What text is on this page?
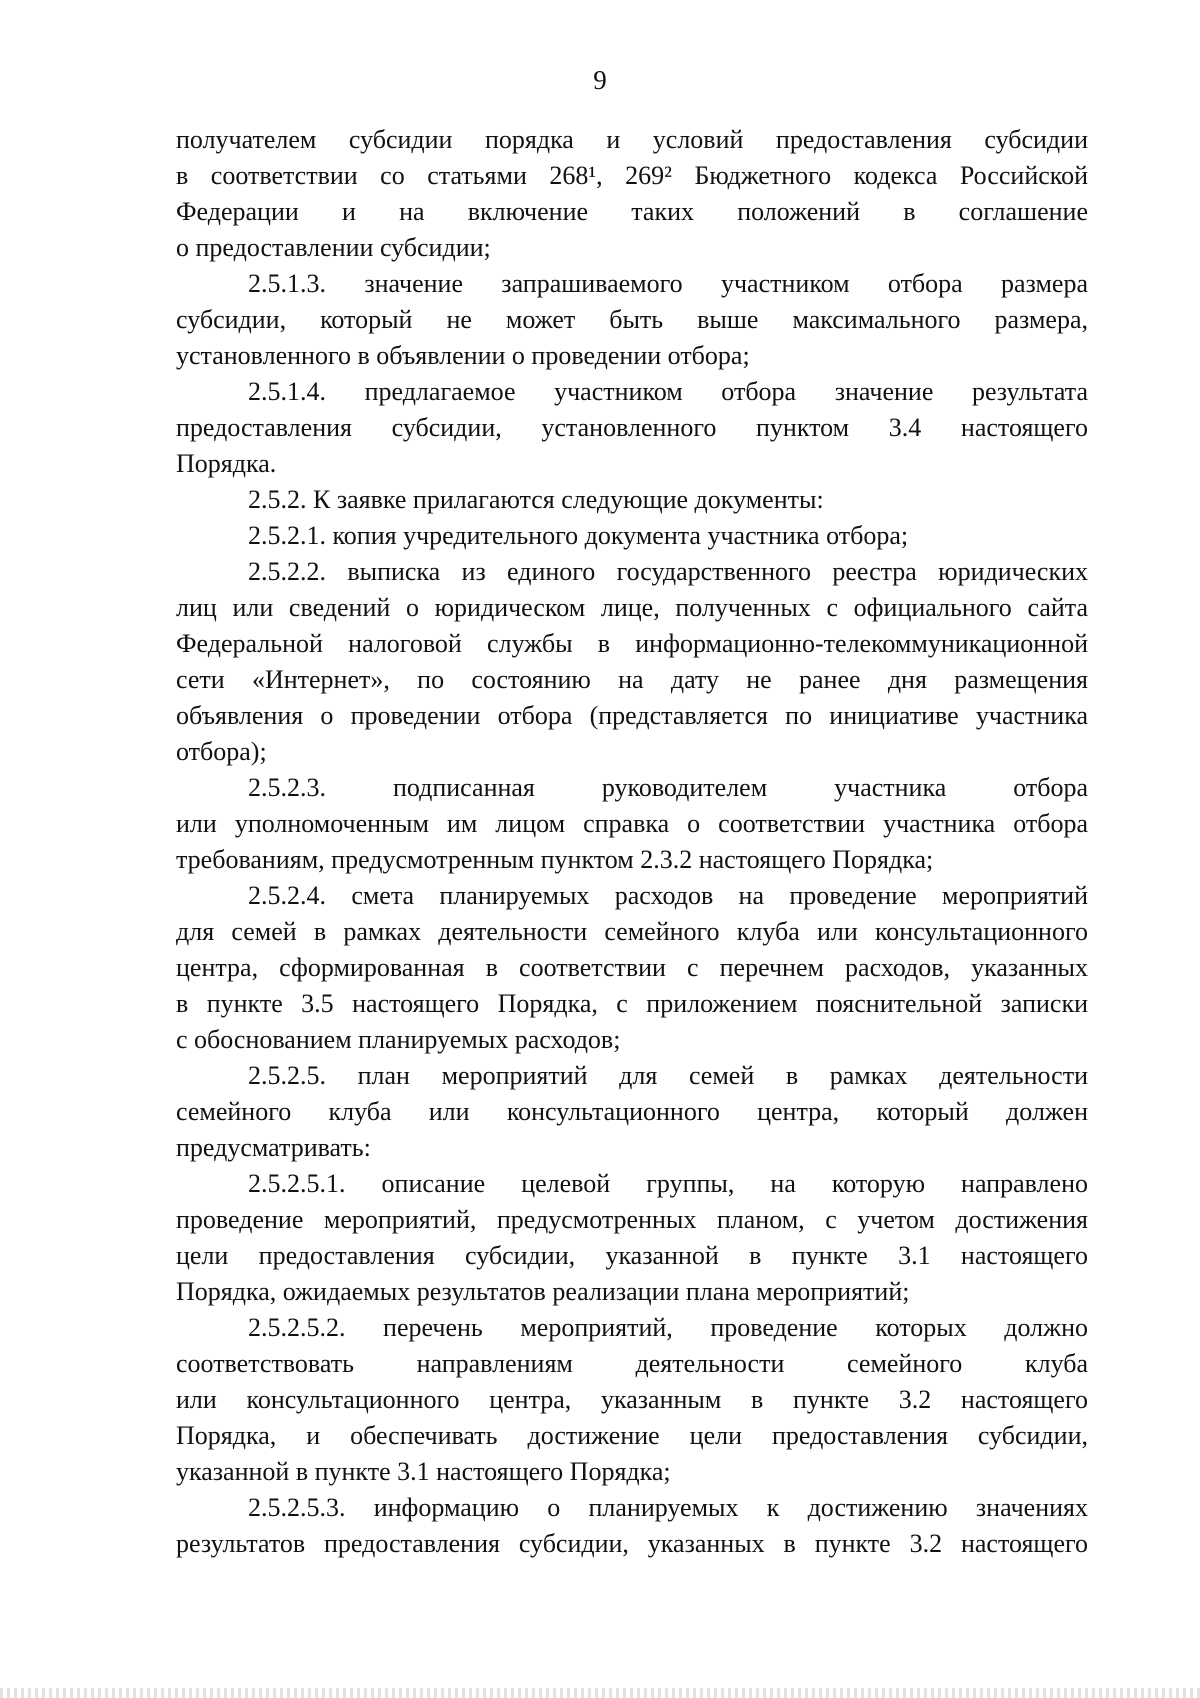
9
получателем субсидии порядка и условий предоставления субсидии
в соответствии со статьями 268¹, 269² Бюджетного кодекса Российской
Федерации и на включение таких положений в соглашение
о предоставлении субсидии;
2.5.1.3. значение запрашиваемого участником отбора размера
субсидии, который не может быть выше максимального размера,
установленного в объявлении о проведении отбора;
2.5.1.4. предлагаемое участником отбора значение результата
предоставления субсидии, установленного пунктом 3.4 настоящего
Порядка.
2.5.2. К заявке прилагаются следующие документы:
2.5.2.1. копия учредительного документа участника отбора;
2.5.2.2. выписка из единого государственного реестра юридических
лиц или сведений о юридическом лице, полученных с официального сайта
Федеральной налоговой службы в информационно-телекоммуникационной
сети «Интернет», по состоянию на дату не ранее дня размещения
объявления о проведении отбора (представляется по инициативе участника
отбора);
2.5.2.3. подписанная руководителем участника отбора
или уполномоченным им лицом справка о соответствии участника отбора
требованиям, предусмотренным пунктом 2.3.2 настоящего Порядка;
2.5.2.4. смета планируемых расходов на проведение мероприятий
для семей в рамках деятельности семейного клуба или консультационного
центра, сформированная в соответствии с перечнем расходов, указанных
в пункте 3.5 настоящего Порядка, с приложением пояснительной записки
с обоснованием планируемых расходов;
2.5.2.5. план мероприятий для семей в рамках деятельности
семейного клуба или консультационного центра, который должен
предусматривать:
2.5.2.5.1. описание целевой группы, на которую направлено
проведение мероприятий, предусмотренных планом, с учетом достижения
цели предоставления субсидии, указанной в пункте 3.1 настоящего
Порядка, ожидаемых результатов реализации плана мероприятий;
2.5.2.5.2. перечень мероприятий, проведение которых должно
соответствовать направлениям деятельности семейного клуба
или консультационного центра, указанным в пункте 3.2 настоящего
Порядка, и обеспечивать достижение цели предоставления субсидии,
указанной в пункте 3.1 настоящего Порядка;
2.5.2.5.3. информацию о планируемых к достижению значениях
результатов предоставления субсидии, указанных в пункте 3.2 настоящего
